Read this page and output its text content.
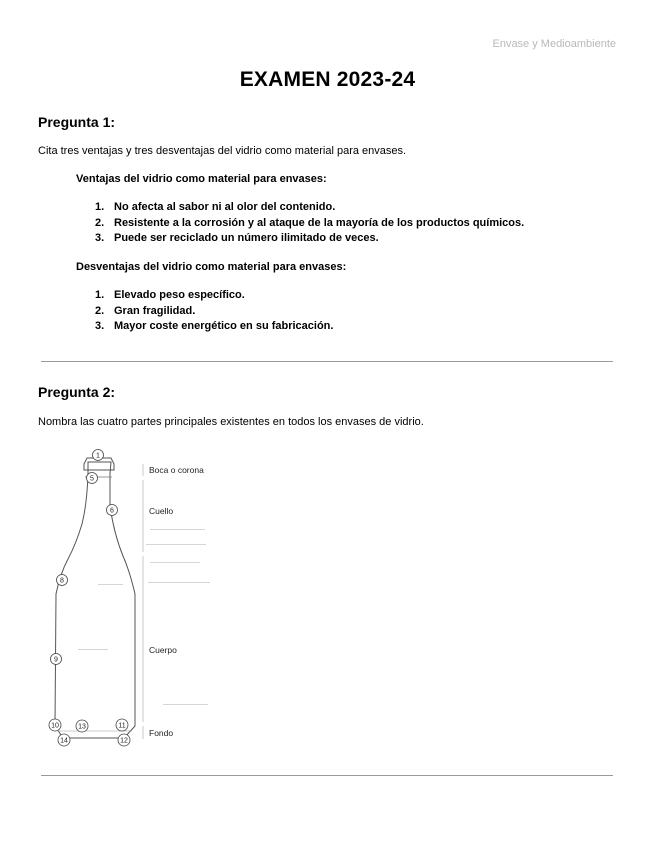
Envase y Medioambiente
EXAMEN 2023-24
Pregunta 1:
Cita tres ventajas y tres desventajas del vidrio como material para envases.
Ventajas del vidrio como material para envases:
1. No afecta al sabor ni al olor del contenido.
2. Resistente a la corrosión y al ataque de la mayoría de los productos químicos.
3. Puede ser reciclado un número ilimitado de veces.
Desventajas del vidrio como material para envases:
1. Elevado peso específico.
2. Gran fragilidad.
3. Mayor coste energético en su fabricación.
Pregunta 2:
Nombra las cuatro partes principales existentes en todos los envases de vidrio.
Boca o corona
Cuello
Cuerpo
Fondo
1
5
6
8
9
10	13	11
14	12
